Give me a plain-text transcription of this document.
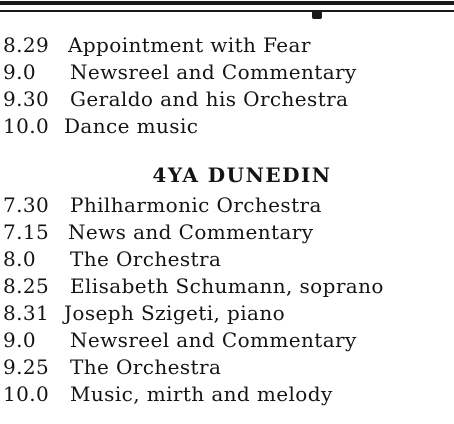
8.29 Appointment with Fear
9.0 Newsreel and Commentary
9.30 Geraldo and his Orchestra
10.0 Dance music
4YA DUNEDIN
7.30 Philharmonic Orchestra
7.15 News and Commentary
8.0 The Orchestra
8.25 Elisabeth Schumann, soprano
8.31 Joseph Szigeti, piano
9.0 Newsreel and Commentary
9.25 The Orchestra
10.0 Music, mirth and melody
